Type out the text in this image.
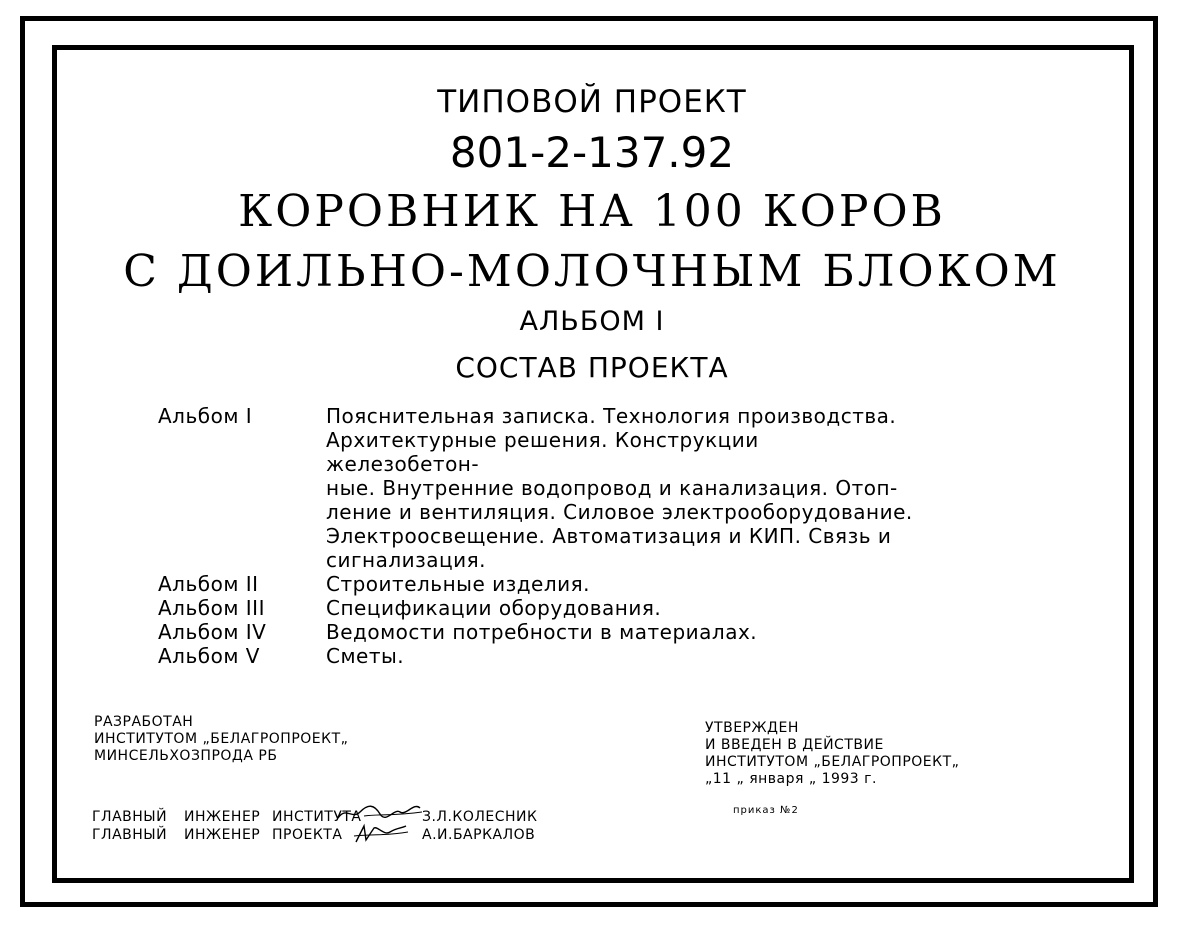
ТИПОВОЙ ПРОЕКТ
801-2-137.92
КОРОВНИК НА 100 КОРОВ
С ДОИЛЬНО-МОЛОЧНЫМ БЛОКОМ
АЛЬБОМ I
СОСТАВ ПРОЕКТА
Альбом I	Пояснительная записка. Технология производства.
Архитектурные решения. Конструкции железобетон-
ные. Внутренние водопровод и канализация. Отоп-
ление и вентиляция. Силовое электрооборудование.
Электроосвещение. Автоматизация и КИП. Связь и
сигнализация.
Альбом II	Строительные изделия.
Альбом III	Спецификации оборудования.
Альбом IV	Ведомости потребности в материалах.
Альбом V	Сметы.
РАЗРАБОТАН
ИНСТИТУТОМ „БЕЛАГРОПРОЕКТ„
МИНСЕЛЬХОЗПРОДА РБ
УТВЕРЖДЕН
И ВВЕДЕН В ДЕЙСТВИЕ
ИНСТИТУТОМ „БЕЛАГРОПРОЕКТ„
„11 „ января „ 1993 г.
приказ №2
ГЛАВНЫЙ ИНЖЕНЕР ИНСТИТУТА	З.Л.КОЛЕСНИК
ГЛАВНЫЙ ИНЖЕНЕР ПРОЕКТА	А.И.БАРКАЛОВ
